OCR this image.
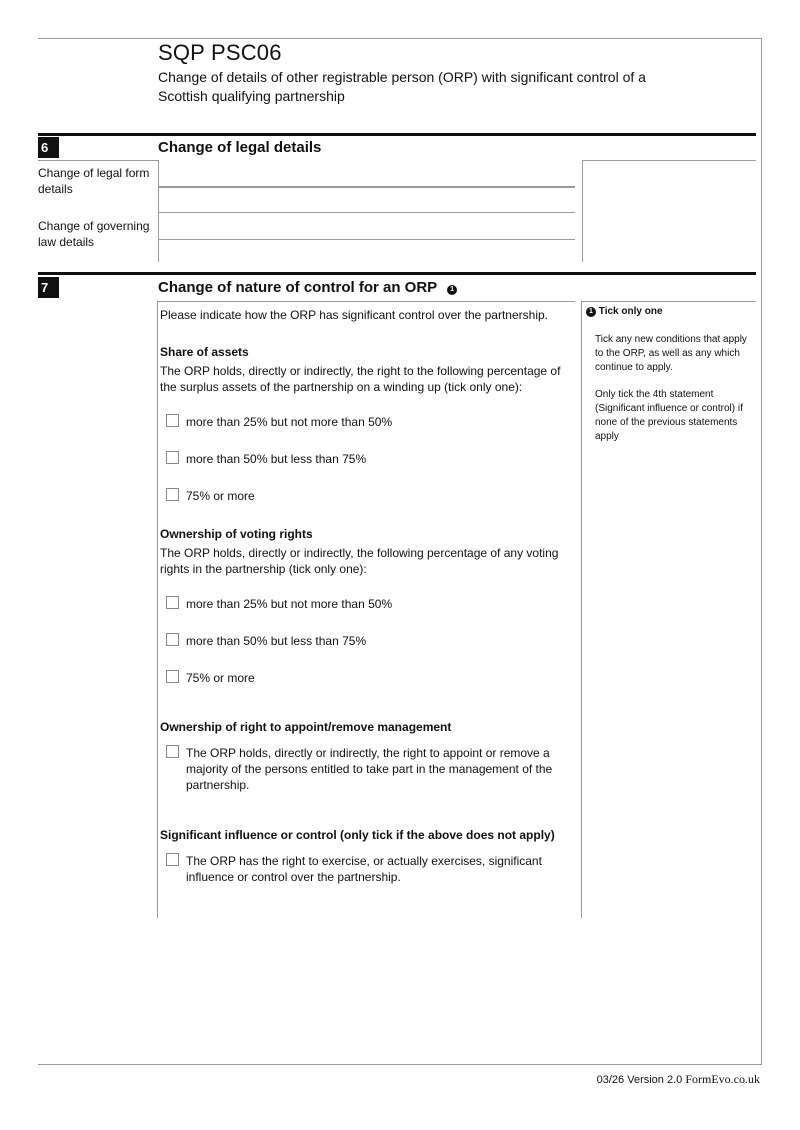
SQP PSC06
Change of details of other registrable person (ORP) with significant control of a Scottish qualifying partnership
6	Change of legal details
Change of legal form details
Change of governing law details
7	Change of nature of control for an ORP 1
Please indicate how the ORP has significant control over the partnership.
Share of assets
The ORP holds, directly or indirectly, the right to the following percentage of the surplus assets of the partnership on a winding up (tick only one):
more than 25% but not more than 50%
more than 50% but less than 75%
75% or more
Ownership of voting rights
The ORP holds, directly or indirectly, the following percentage of any voting rights in the partnership (tick only one):
more than 25% but not more than 50%
more than 50% but less than 75%
75% or more
Ownership of right to appoint/remove management
The ORP holds, directly or indirectly, the right to appoint or remove a majority of the persons entitled to take part in the management of the partnership.
Significant influence or control (only tick if the above does not apply)
The ORP has the right to exercise, or actually exercises, significant influence or control over the partnership.
1 Tick only one
Tick any new conditions that apply to the ORP, as well as any which continue to apply.
Only tick the 4th statement (Significant influence or control) if none of the previous statements apply
03/26 Version 2.0 FormEvo.co.uk
